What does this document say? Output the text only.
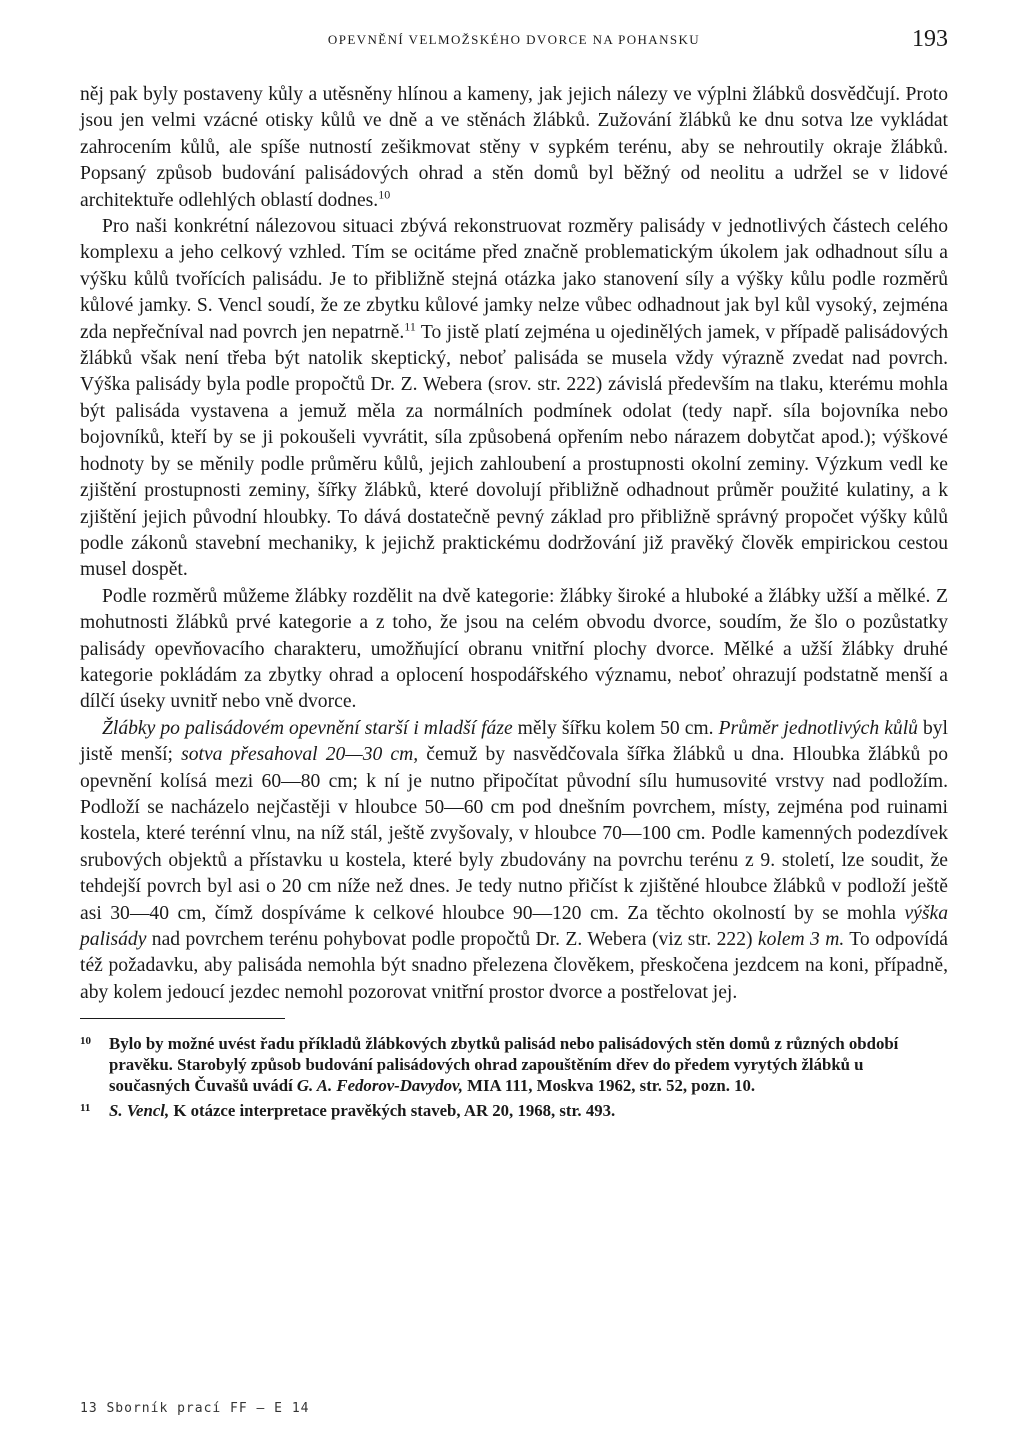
OPEVNĚNÍ VELMOŽSKÉHO DVORCE NA POHANSKU	193

něj pak byly postaveny kůly a utěsněny hlínou a kameny, jak jejich nálezy ve výplni žlábků dosvědčují. Proto jsou jen velmi vzácné otisky kůlů ve dně a ve stěnách žlábků. Zužování žlábků ke dnu sotva lze vykládat zahrocením kůlů, ale spíše nutností zešikmovat stěny v sypkém terénu, aby se nehroutily okraje žlábků. Popsaný způsob budování palisádových ohrad a stěn domů byl běžný od neolitu a udržel se v lidové architektuře odlehlých oblastí dodnes.$^{10}$

Pro naši konkrétní nálezovou situaci zbývá rekonstruovat rozměry palisády v jednotlivých částech celého komplexu a jeho celkový vzhled. Tím se ocitáme před značně problematickým úkolem jak odhadnout sílu a výšku kůlů tvořících palisádu. Je to přibližně stejná otázka jako stanovení síly a výšky kůlu podle rozměrů kůlové jamky. S. Vencl soudí, že ze zbytku kůlové jamky nelze vůbec odhadnout jak byl kůl vysoký, zejména zda nepřečníval nad povrch jen nepatrně.$^{11}$ To jistě platí zejména u ojedinělých jamek, v případě palisádových žlábků však není třeba být natolik skeptický, neboť palisáda se musela vždy výrazně zvedat nad povrch. Výška palisády byla podle propočtů Dr. Z. Webera (srov. str. 222) závislá především na tlaku, kterému mohla být palisáda vystavena a jemuž měla za normálních podmínek odolat (tedy např. síla bojovníka nebo bojovníků, kteří by se ji pokoušeli vyvrátit, síla způsobená opřením nebo nárazem dobytčat apod.); výškové hodnoty by se měnily podle průměru kůlů, jejich zahloubení a prostupnosti okolní zeminy. Výzkum vedl ke zjištění prostupnosti zeminy, šířky žlábků, které dovolují přibližně odhadnout průměr použité kulatiny, a k zjištění jejich původní hloubky. To dává dostatečně pevný základ pro přibližně správný propočet výšky kůlů podle zákonů stavební mechaniky, k jejichž praktickému dodržování již pravěký člověk empirickou cestou musel dospět.

Podle rozměrů můžeme žlábky rozdělit na dvě kategorie: žlábky široké a hluboké a žlábky užší a mělké. Z mohutnosti žlábků prvé kategorie a z toho, že jsou na celém obvodu dvorce, soudím, že šlo o pozůstatky palisády opevňovacího charakteru, umožňující obranu vnitřní plochy dvorce. Mělké a užší žlábky druhé kategorie pokládám za zbytky ohrad a oplocení hospodářského významu, neboť ohrazují podstatně menší a dílčí úseky uvnitř nebo vně dvorce.

Žlábky po palisádovém opevnění starší i mladší fáze měly šířku kolem 50 cm. Průměr jednotlivých kůlů byl jistě menší; sotva přesahoval 20—30 cm, čemuž by nasvědčovala šířka žlábků u dna. Hloubka žlábků po opevnění kolísá mezi 60—80 cm; k ní je nutno připočítat původní sílu humusovité vrstvy nad podložím. Podloží se nacházelo nejčastěji v hloubce 50—60 cm pod dnešním povrchem, místy, zejména pod ruinami kostela, které terénní vlnu, na níž stál, ještě zvyšovaly, v hloubce 70—100 cm. Podle kamenných podezdívek srubových objektů a přístavku u kostela, které byly zbudovány na povrchu terénu z 9. století, lze soudit, že tehdejší povrch byl asi o 20 cm níže než dnes. Je tedy nutno přičíst k zjištěné hloubce žlábků v podloží ještě asi 30—40 cm, čímž dospíváme k celkové hloubce 90—120 cm. Za těchto okolností by se mohla výška palisády nad povrchem terénu pohybovat podle propočtů Dr. Z. Webera (viz str. 222) kolem 3 m. To odpovídá též požadavku, aby palisáda nemohla být snadno přelezena člověkem, přeskočena jezdcem na koni, případně, aby kolem jedoucí jezdec nemohl pozorovat vnitřní prostor dvorce a postřelovat jej.

10 Bylo by možné uvést řadu příkladů žlábkových zbytků palisád nebo palisádových stěn domů z různých období pravěku. Starobylý způsob budování palisádových ohrad zapouštěním dřev do předem vyrytých žlábků u současných Čuvašů uvádí G. A. Fedorov-Davydov, MIA 111, Moskva 1962, str. 52, pozn. 10.
11 S. Vencl, K otázce interpretace pravěkých staveb, AR 20, 1968, str. 493.
13 Sborník prací FF — E 14
